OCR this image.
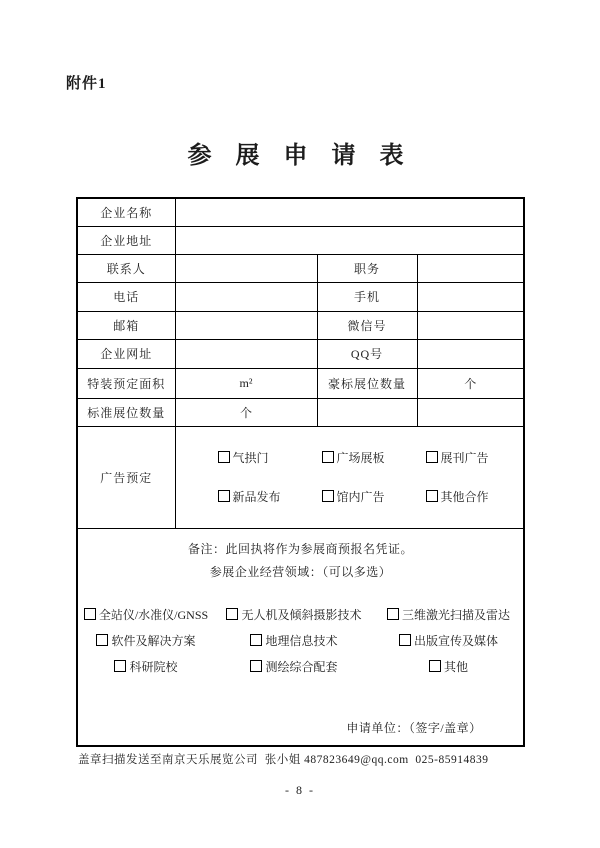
附件1
参 展 申 请 表
企业名称			
企业地址			
联系人		职务	
电话		手机	
邮箱		微信号	
企业网址		QQ号	
特装预定面积	m²	豪标展位数量	个
标准展位数量	个		
广告预定	
气拱门	广场展板	展刊广告
新品发布	馆内广告	其他合作

备注：此回执将作为参展商预报名凭证。
参展企业经营领域：（可以多选）
全站仪/水准仪/GNSS	无人机及倾斜摄影技术	三维激光扫描及雷达
软件及解决方案	地理信息技术	出版宣传及媒体
科研院校	测绘综合配套	其他
申请单位：（签字/盖章）
盖章扫描发送至南京天乐展览公司  张小姐 487823649@qq.com  025-85914839
- 8 -
